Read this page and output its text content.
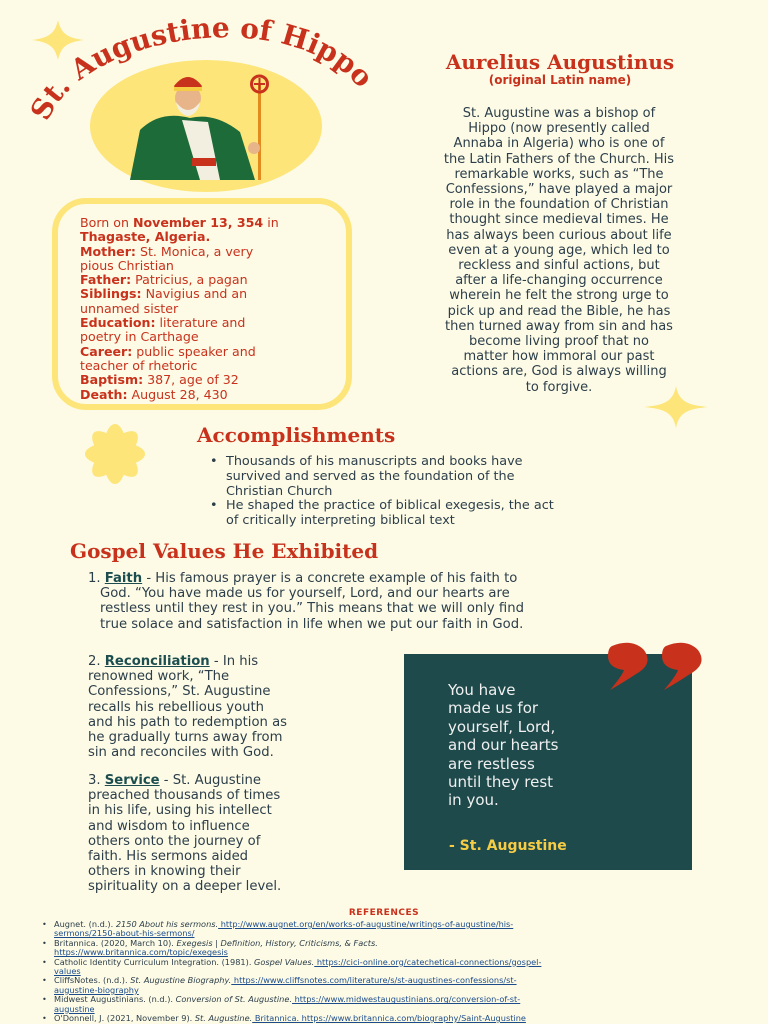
St. Augustine of Hippo

Born on November 13, 354 in

Thagaste, Algeria.

Mother: St. Monica, a very

pious Christian

Father: Patricius, a pagan

Siblings: Navigius and an

unnamed sister

Education: literature and

poetry in Carthage

Career: public speaker and

teacher of rhetoric

Baptism: 387, age of 32

Death: August 28, 430

Aurelius Augustinus
(original Latin name)
St. Augustine was a bishop of
Hippo (now presently called
Annaba in Algeria) who is one of
the Latin Fathers of the Church. His
remarkable works, such as “The
Confessions,” have played a major
role in the foundation of Christian
thought since medieval times. He
has always been curious about life
even at a young age, which led to
reckless and sinful actions, but
after a life-changing occurrence
wherein he felt the strong urge to
pick up and read the Bible, he has
then turned away from sin and has
become living proof that no
matter how immoral our past
actions are, God is always willing
to forgive.
Accomplishments
• Thousands of his manuscripts and books have
survived and served as the foundation of the
Christian Church
• He shaped the practice of biblical exegesis, the act
of critically interpreting biblical text
Gospel Values He Exhibited
1. Faith - His famous prayer is a concrete example of his faith to
God. “You have made us for yourself, Lord, and our hearts are
restless until they rest in you.” This means that we will only find
true solace and satisfaction in life when we put our faith in God.
2. Reconciliation - In his
renowned work, “The
Confessions,” St. Augustine
recalls his rebellious youth
and his path to redemption as
he gradually turns away from
sin and reconciles with God.
3. Service - St. Augustine
preached thousands of times
in his life, using his intellect
and wisdom to influence
others onto the journey of
faith. His sermons aided
others in knowing their
spirituality on a deeper level.
You have
made us for
yourself, Lord,
and our hearts
are restless
until they rest
in you.
- St. Augustine
REFERENCES
• Augnet. (n.d.). 2150 About his sermons. http://www.augnet.org/en/works-of-augustine/writings-of-augustine/his-
sermons/2150-about-his-sermons/
• Britannica. (2020, March 10). Exegesis | Definition, History, Criticisms, & Facts.
https://www.britannica.com/topic/exegesis
• Catholic Identity Curriculum Integration. (1981). Gospel Values. https://cici-online.org/catechetical-connections/gospel-
values
• CliffsNotes. (n.d.). St. Augustine Biography. https://www.cliffsnotes.com/literature/s/st-augustines-confessions/st-
augustine-biography
• Midwest Augustinians. (n.d.). Conversion of St. Augustine. https://www.midwestaugustinians.org/conversion-of-st-
augustine
• O'Donnell, J. (2021, November 9). St. Augustine. Britannica. https://www.britannica.com/biography/Saint-Augustine
